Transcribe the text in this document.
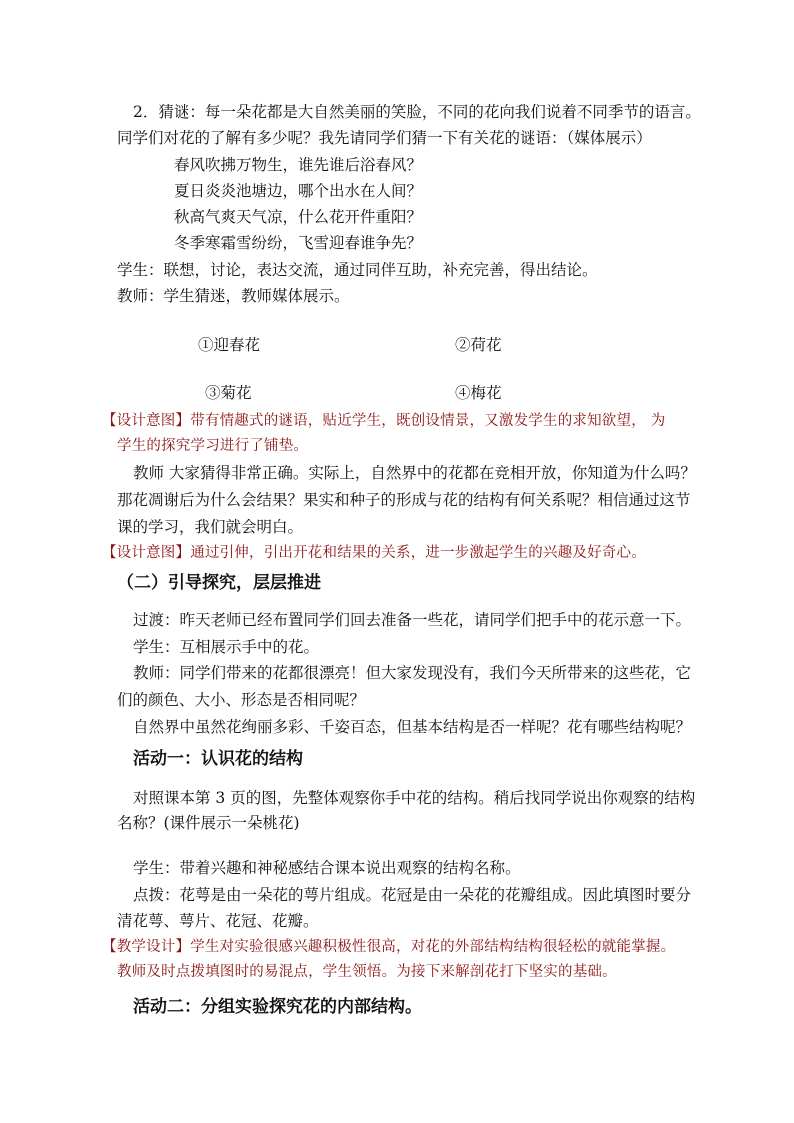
2．猜谜：每一朵花都是大自然美丽的笑脸，不同的花向我们说着不同季节的语言。
同学们对花的了解有多少呢？我先请同学们猜一下有关花的谜语：（媒体展示）
春风吹拂万物生，谁先谁后浴春风？
夏日炎炎池塘边，哪个出水在人间？
秋高气爽天气凉，什么花开件重阳？
冬季寒霜雪纷纷，飞雪迎春谁争先？
学生：联想，讨论，表达交流，通过同伴互助，补充完善，得出结论。
教师：学生猜迷，教师媒体展示。
①迎春花	②荷花
③菊花	④梅花
【设计意图】带有情趣式的谜语，贴近学生，既创设情景，又激发学生的求知欲望， 为
学生的探究学习进行了铺垫。
教师 大家猜得非常正确。实际上，自然界中的花都在竞相开放，你知道为什么吗？
那花凋谢后为什么会结果？果实和种子的形成与花的结构有何关系呢？相信通过这节
课的学习，我们就会明白。
【设计意图】通过引伸，引出开花和结果的关系，进一步激起学生的兴趣及好奇心。
（二）引导探究，层层推进
过渡：昨天老师已经布置同学们回去准备一些花，请同学们把手中的花示意一下。
学生：互相展示手中的花。
教师：同学们带来的花都很漂亮！但大家发现没有，我们今天所带来的这些花，它
们的颜色、大小、形态是否相同呢？
自然界中虽然花绚丽多彩、千姿百态，但基本结构是否一样呢？花有哪些结构呢？
活动一：认识花的结构
对照课本第 3 页的图，先整体观察你手中花的结构。稍后找同学说出你观察的结构
名称？(课件展示一朵桃花)
学生：带着兴趣和神秘感结合课本说出观察的结构名称。
点拨：花萼是由一朵花的萼片组成。花冠是由一朵花的花瓣组成。因此填图时要分
清花萼、萼片、花冠、花瓣。
【教学设计】学生对实验很感兴趣积极性很高，对花的外部结构结构很轻松的就能掌握。
教师及时点拨填图时的易混点，学生领悟。为接下来解剖花打下坚实的基础。
活动二：分组实验探究花的内部结构。
